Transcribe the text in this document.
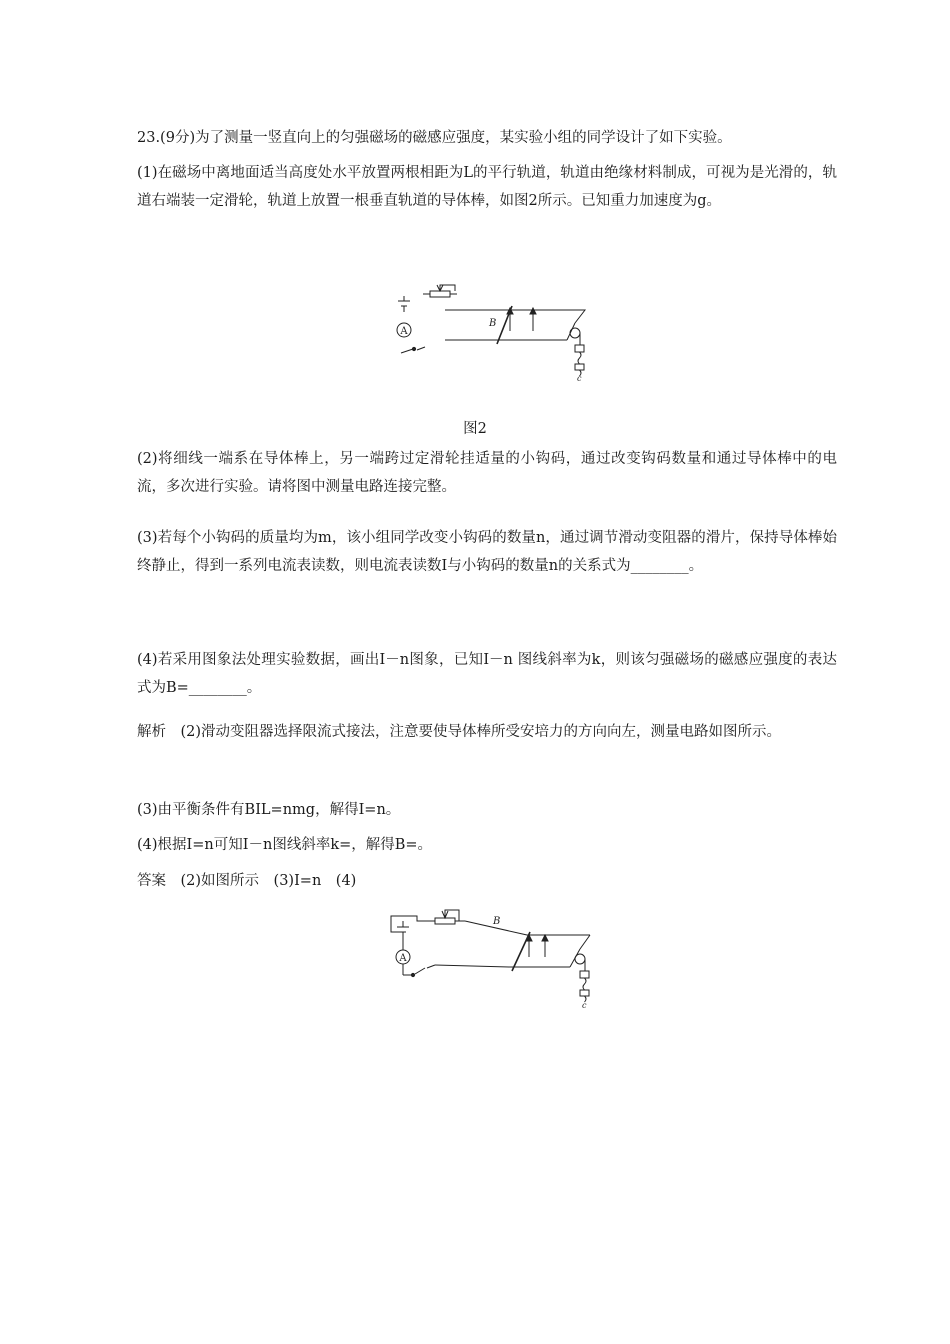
23.(9分)为了测量一竖直向上的匀强磁场的磁感应强度，某实验小组的同学设计了如下实验。

(1)在磁场中离地面适当高度处水平放置两根相距为L的平行轨道，轨道由绝缘材料制成，可视为是光滑的，轨道右端装一定滑轮，轨道上放置一根垂直轨道的导体棒，如图2所示。已知重力加速度为g。

A
B
c
图2

(2)将细线一端系在导体棒上，另一端跨过定滑轮挂适量的小钩码，通过改变钩码数量和通过导体棒中的电流，多次进行实验。请将图中测量电路连接完整。

(3)若每个小钩码的质量均为m，该小组同学改变小钩码的数量n，通过调节滑动变阻器的滑片，保持导体棒始终静止，得到一系列电流表读数，则电流表读数I与小钩码的数量n的关系式为________。

(4)若采用图象法处理实验数据，画出I－n图象，已知I－n 图线斜率为k，则该匀强磁场的磁感应强度的表达式为B=________。

解析　(2)滑动变阻器选择限流式接法，注意要使导体棒所受安培力的方向向左，测量电路如图所示。

(3)由平衡条件有BIL=nmg，解得I=n。

(4)根据I=n可知I－n图线斜率k=，解得B=。

答案　(2)如图所示　(3)I=n　(4)

A
B
c
